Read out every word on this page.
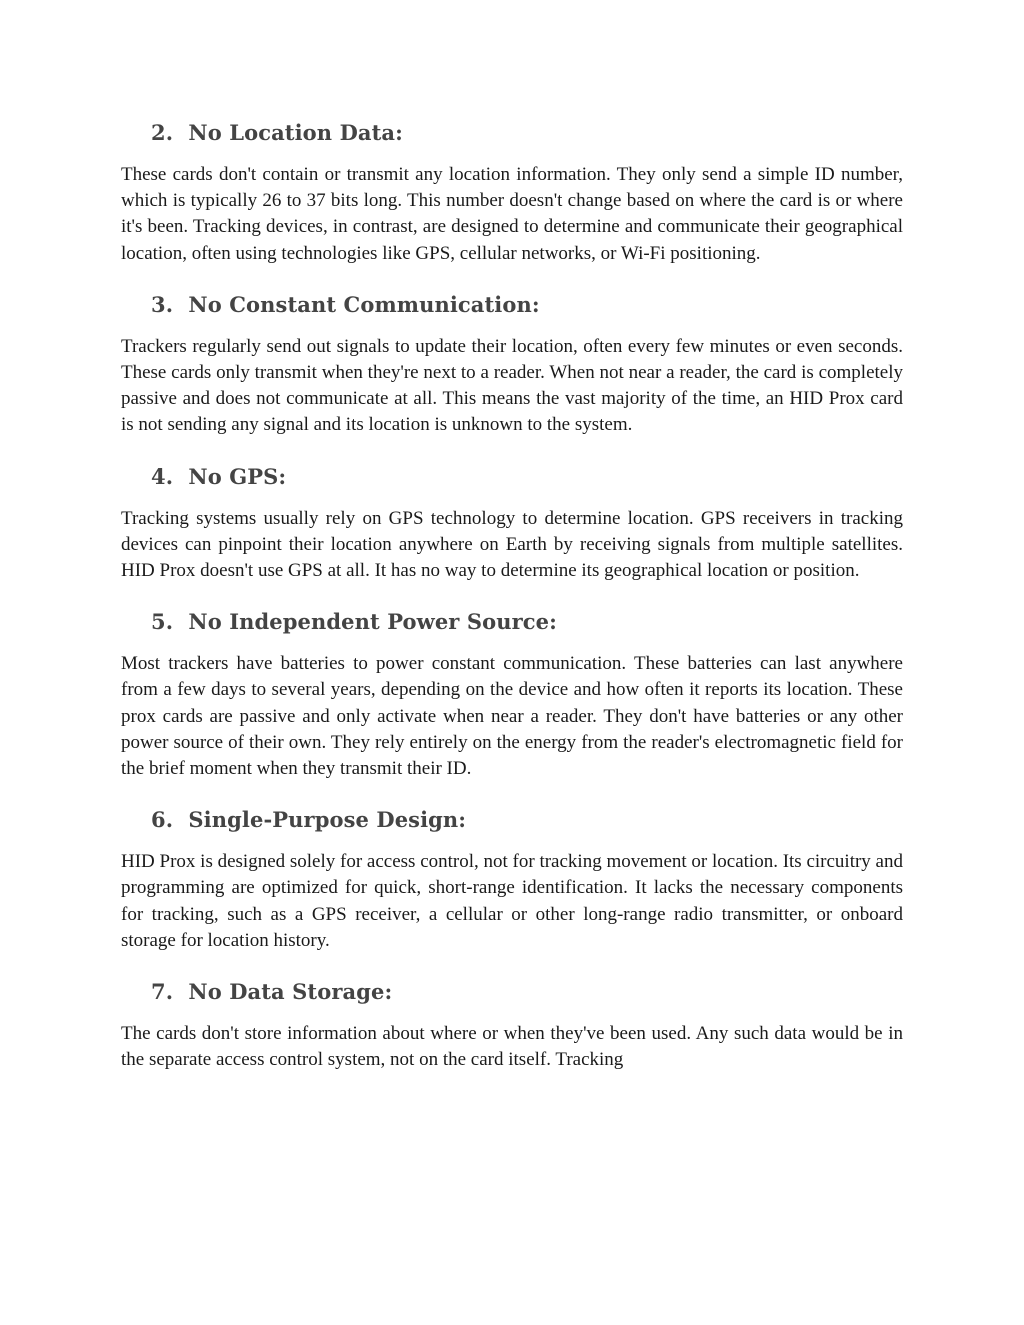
2. No Location Data:

These cards don't contain or transmit any location information. They only send a simple ID number, which is typically 26 to 37 bits long. This number doesn't change based on where the card is or where it's been. Tracking devices, in contrast, are designed to determine and communicate their geographical location, often using technologies like GPS, cellular networks, or Wi-Fi positioning.

3. No Constant Communication:

Trackers regularly send out signals to update their location, often every few minutes or even seconds. These cards only transmit when they're next to a reader. When not near a reader, the card is completely passive and does not communicate at all. This means the vast majority of the time, an HID Prox card is not sending any signal and its location is unknown to the system.

4. No GPS:

Tracking systems usually rely on GPS technology to determine location. GPS receivers in tracking devices can pinpoint their location anywhere on Earth by receiving signals from multiple satellites. HID Prox doesn't use GPS at all. It has no way to determine its geographical location or position.

5. No Independent Power Source:

Most trackers have batteries to power constant communication. These batteries can last anywhere from a few days to several years, depending on the device and how often it reports its location. These prox cards are passive and only activate when near a reader. They don't have batteries or any other power source of their own. They rely entirely on the energy from the reader's electromagnetic field for the brief moment when they transmit their ID.

6. Single-Purpose Design:

HID Prox is designed solely for access control, not for tracking movement or location. Its circuitry and programming are optimized for quick, short-range identification. It lacks the necessary components for tracking, such as a GPS receiver, a cellular or other long-range radio transmitter, or onboard storage for location history.

7. No Data Storage:

The cards don't store information about where or when they've been used. Any such data would be in the separate access control system, not on the card itself. Tracking
